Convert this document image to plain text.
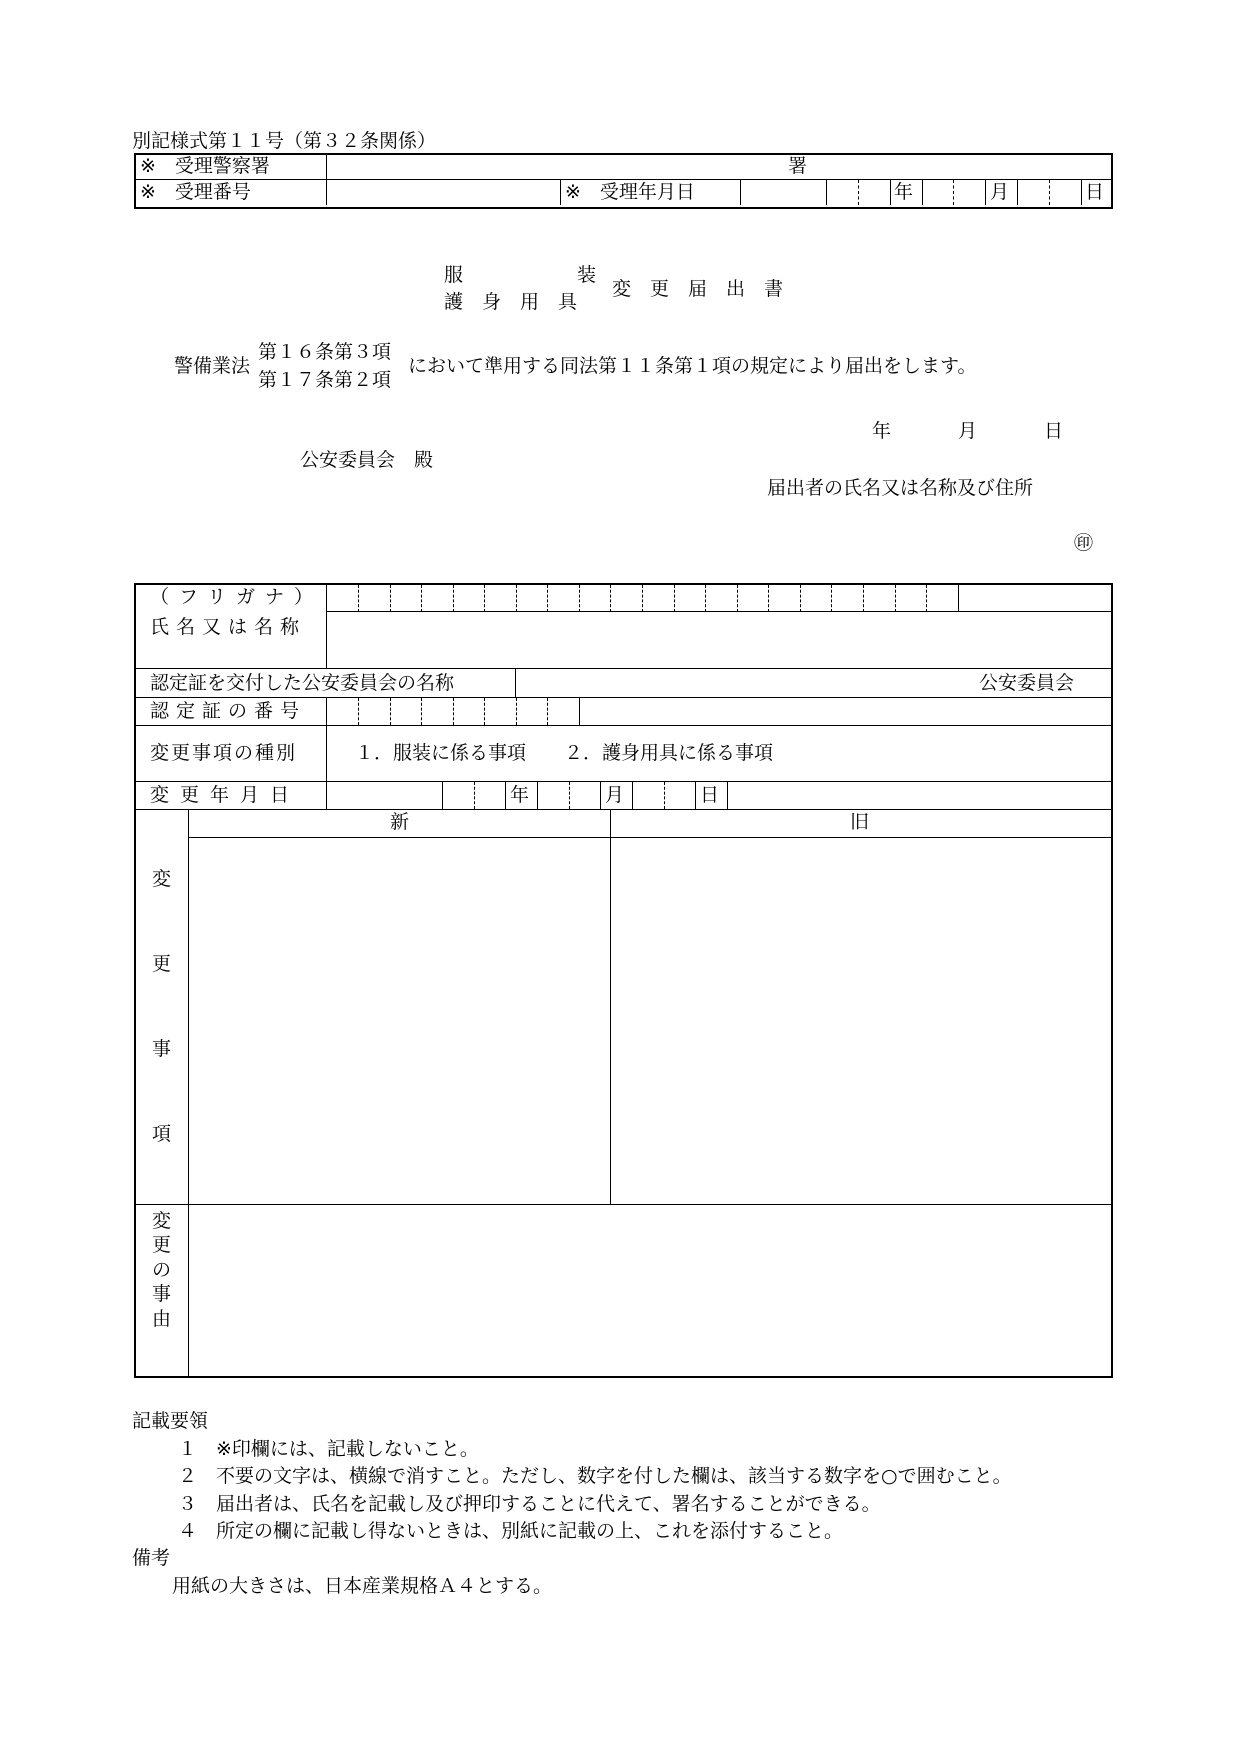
別記様式第１１号（第３２条関係）
※　受理警察署	署
※　受理番号	※　受理年月日	年	月	日
服　　　　　　装
護　身　用　具
変　更　届　出　書
警備業法
第１６条第３項
第１７条第２項
において準用する同法第１１条第１項の規定により届出をします。
年	月	日
公安委員会　殿
届出者の氏名又は名称及び住所
㊞
（フリガナ）
氏名又は名称
認定証を交付した公安委員会の名称	公安委員会
認定証の番号
変更事項の種別	１．服装に係る事項　　２．護身用具に係る事項
変更年月日	年	月	日
新	旧
変
更
事
項
変
更
の
事
由
記載要領
１　※印欄には、記載しないこと。
２　不要の文字は、横線で消すこと。ただし、数字を付した欄は、該当する数字を○で囲むこと。
３　届出者は、氏名を記載し及び押印することに代えて、署名することができる。
４　所定の欄に記載し得ないときは、別紙に記載の上、これを添付すること。
備考
用紙の大きさは、日本産業規格Ａ４とする。
